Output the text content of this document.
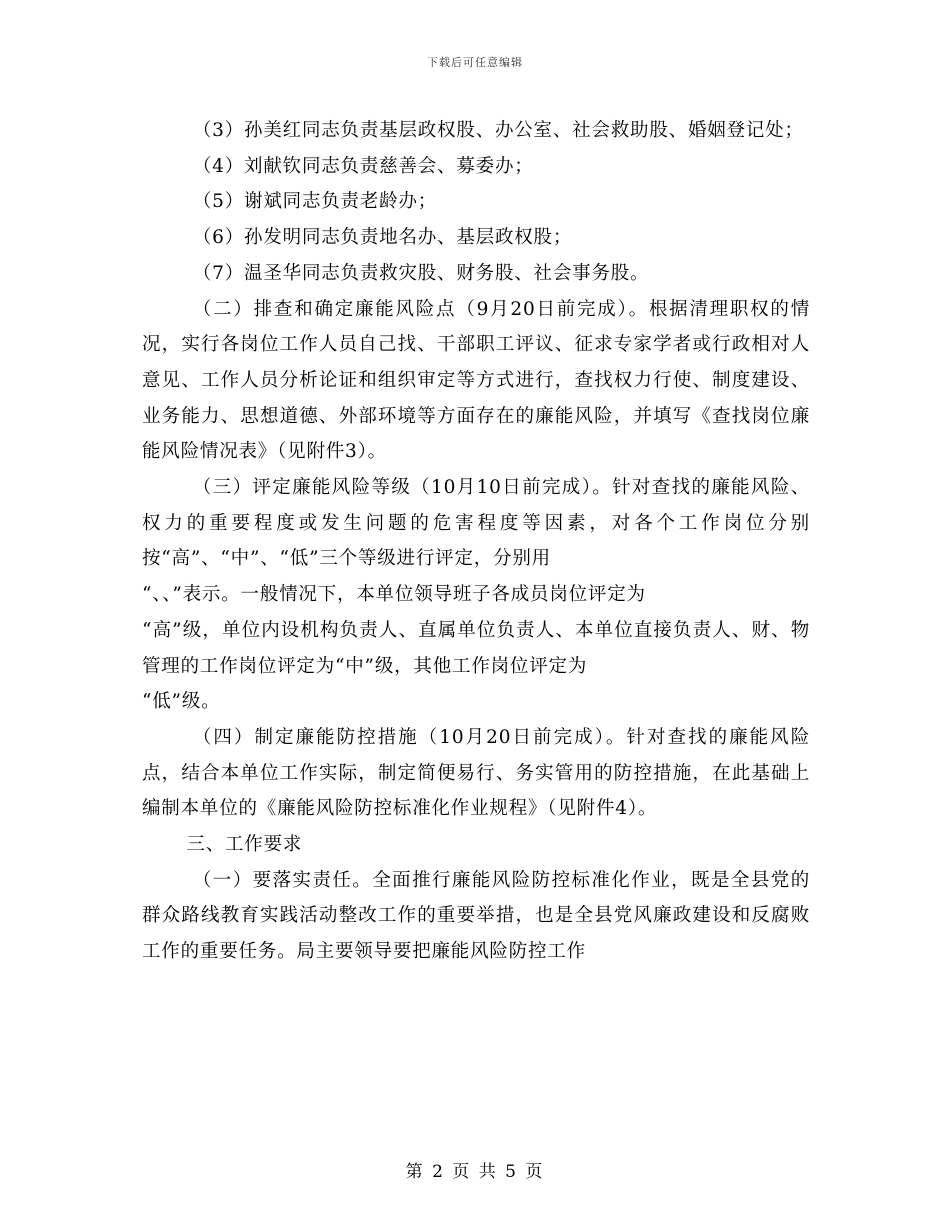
下载后可任意编辑

（3）孙美红同志负责基层政权股、办公室、社会救助股、婚姻登记处；

（4）刘献钦同志负责慈善会、募委办；

（5）谢斌同志负责老龄办；

（6）孙发明同志负责地名办、基层政权股；

（7）温圣华同志负责救灾股、财务股、社会事务股。

（二）排查和确定廉能风险点（9月20日前完成）。根据清理职权的情况，实行各岗位工作人员自己找、干部职工评议、征求专家学者或行政相对人意见、工作人员分析论证和组织审定等方式进行，查找权力行使、制度建设、业务能力、思想道德、外部环境等方面存在的廉能风险，并填写《查找岗位廉能风险情况表》（见附件3）。

（三）评定廉能风险等级（10月10日前完成）。针对查找的廉能风险、权力的重要程度或发生问题的危害程度等因素，对各个工作岗位分别按“高”、“中”、“低”三个等级进行评定，分别用

“、、”表示。一般情况下，本单位领导班子各成员岗位评定为

“高”级，单位内设机构负责人、直属单位负责人、本单位直接负责人、财、物管理的工作岗位评定为“中”级，其他工作岗位评定为

“低”级。

（四）制定廉能防控措施（10月20日前完成）。针对查找的廉能风险点，结合本单位工作实际，制定简便易行、务实管用的防控措施，在此基础上编制本单位的《廉能风险防控标准化作业规程》（见附件4）。

三、工作要求

（一）要落实责任。全面推行廉能风险防控标准化作业，既是全县党的群众路线教育实践活动整改工作的重要举措，也是全县党风廉政建设和反腐败工作的重要任务。局主要领导要把廉能风险防控工作

第 2 页 共 5 页
